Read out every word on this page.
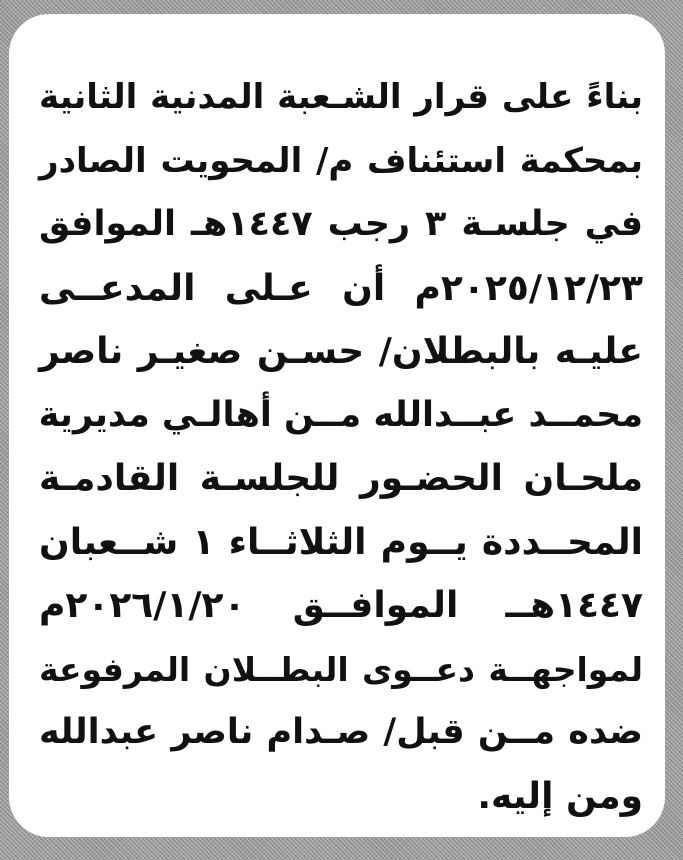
بناءً على قرار الشـعبة المدنية الثانية
بمحكمة استئناف م/ المحويت الصادر
في جلسـة ٣ رجب ١٤٤٧هـ الموافق
٢٠٢٥/١٢/٢٣م أن عـلى المدعــى
عليـه بالبطلان/ حسـن صغيـر ناصر
محمــد عبــدالله مــن أهالـي مديرية
ملحـان الحضـور للجلسـة القادمـة
المحــددة يــوم الثلاثــاء ١ شــعبان
١٤٤٧هــ الموافــق ٢٠٢٦/١/٢٠م
لمواجهــة دعــوى البطــلان المرفوعة
ضده مــن قبل/ صـدام ناصر عبدالله
ومن إليه.
